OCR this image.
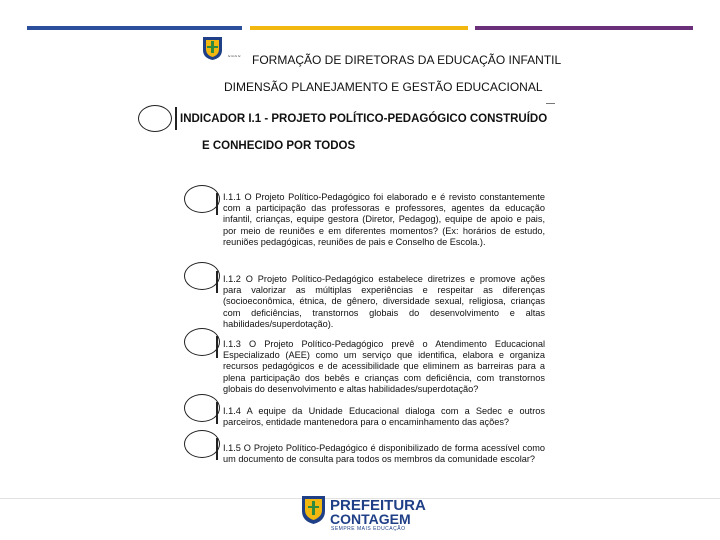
˜˜˜˜ FORMAÇÃO DE DIRETORAS DA EDUCAÇÃO INFANTIL
DIMENSÃO PLANEJAMENTO E GESTÃO EDUCACIONAL
INDICADOR I.1 - PROJETO POLÍTICO-PEDAGÓGICO CONSTRUÍDO
E CONHECIDO POR TODOS
I.1.1 O Projeto Político-Pedagógico foi elaborado e é revisto constantemente com a participação das professoras e professores, agentes da educação infantil, crianças, equipe gestora (Diretor, Pedagog), equipe de apoio e pais, por meio de reuniões e em diferentes momentos? (Ex: horários de estudo, reuniões pedagógicas, reuniões de pais e Conselho de Escola.).
I.1.2 O Projeto Político-Pedagógico estabelece diretrizes e promove ações para valorizar as múltiplas experiências e respeitar as diferenças (socioeconômica, étnica, de gênero, diversidade sexual, religiosa, crianças com deficiências, transtornos globais do desenvolvimento e altas habilidades/superdotação).
I.1.3 O Projeto Político-Pedagógico prevê o Atendimento Educacional Especializado (AEE) como um serviço que identifica, elabora e organiza recursos pedagógicos e de acessibilidade que eliminem as barreiras para a plena participação dos bebês e crianças com deficiência, com transtornos globais do desenvolvimento e altas habilidades/superdotação?
I.1.4 A equipe da Unidade Educacional dialoga com a Sedec e outros parceiros, entidade mantenedora para o encaminhamento das ações?
I.1.5 O Projeto Político-Pedagógico é disponibilizado de forma acessível como um documento de consulta para todos os membros da comunidade escolar?
PREFEITURA
CONTAGEM
SEMPRE MAIS EDUCAÇÃO
